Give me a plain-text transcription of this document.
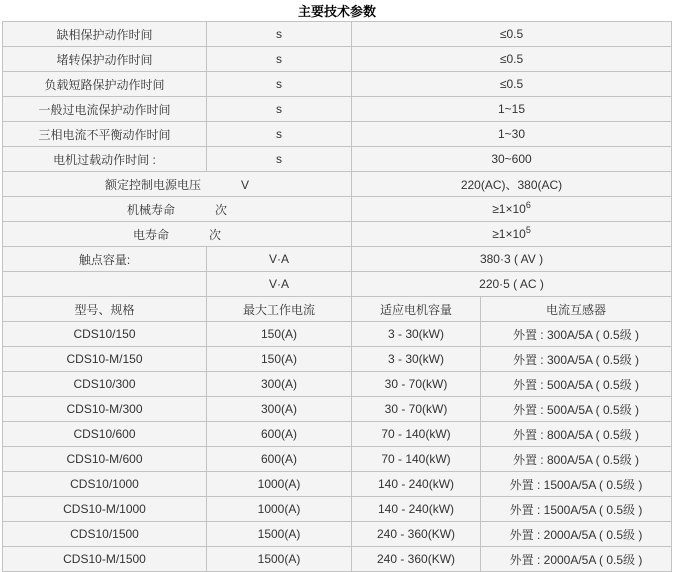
主要技术参数			
缺相保护动作时间	s	≤0.5	
堵转保护动作时间	s	≤0.5	
负载短路保护动作时间	s	≤0.5	
一般过电流保护动作时间	s	1~15	
三相电流不平衡动作时间	s	1~30	
电机过载动作时间 :	s	30~600	
额定控制电源电压 V		220(AC)、380(AC)	
机械寿命 次		$\ge 1\times 10^6$
电寿命 次		$\ge 1\times 10^5$
触点容量:	V·A	380·3 ( AV )	
	V·A	220·5 ( AC )	
型号、规格	最大工作电流	适应电机容量	电流互感器
CDS10/150	150(A)	3 - 30(kW)	外置 : 300A/5A ( 0.5级 )
CDS10-M/150	150(A)	3 - 30(kW)	外置 : 300A/5A ( 0.5级 )
CDS10/300	300(A)	30 - 70(kW)	外置 : 500A/5A ( 0.5级 )
CDS10-M/300	300(A)	30 - 70(kW)	外置 : 500A/5A ( 0.5级 )
CDS10/600	600(A)	70 - 140(kW)	外置 : 800A/5A ( 0.5级 )
CDS10-M/600	600(A)	70 - 140(kW)	外置 : 800A/5A ( 0.5级 )
CDS10/1000	1000(A)	140 - 240(kW)	外置 : 1500A/5A ( 0.5级 )
CDS10-M/1000	1000(A)	140 - 240(kW)	外置 : 1500A/5A ( 0.5级 )
CDS10/1500	1500(A)	240 - 360(KW)	外置 : 2000A/5A ( 0.5级 )
CDS10-M/1500	1500(A)	240 - 360(KW)	外置 : 2000A/5A ( 0.5级 )
